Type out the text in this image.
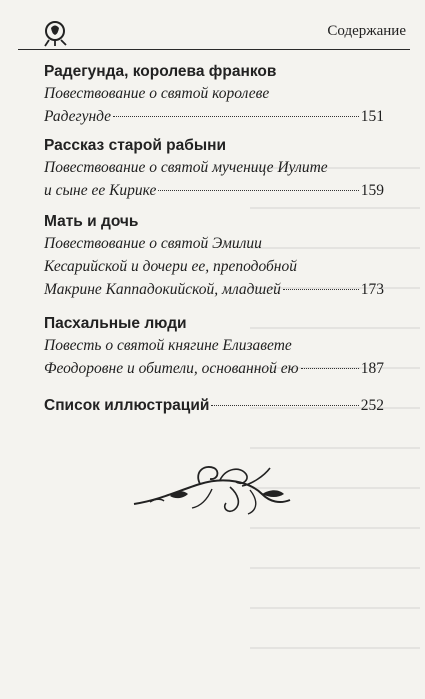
Содержание
Радегунда, королева франков
Повествование о святой королеве
Радегунде	151
Рассказ старой рабыни
Повествование о святой мученице Иулите
и сыне ее Кирике	159
Мать и дочь
Повествование о святой Эмилии
Кесарийской и дочери ее, преподобной
Макрине Каппадокийской, младшей	173
Пасхальные люди
Повесть о святой княгине Елизавете
Феодоровне и обители, основанной ею	187
Список иллюстраций	252
